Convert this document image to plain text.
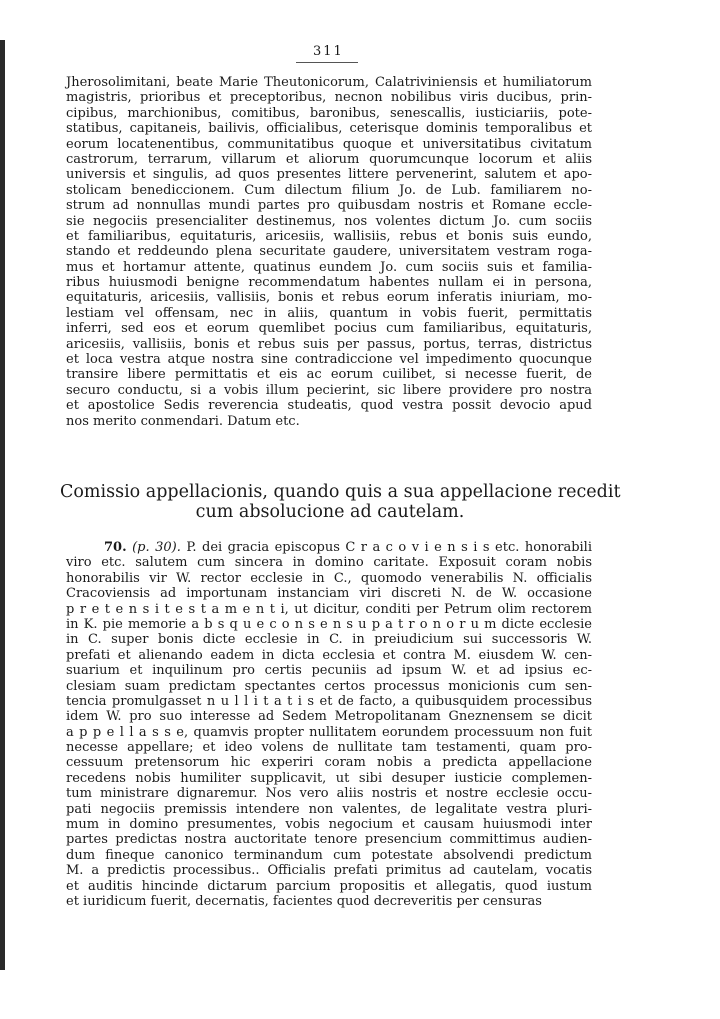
311

Jherosolimitani, beate Marie Theutonicorum, Calatriviniensis et humiliatorum
magistris, prioribus et preceptoribus, necnon nobilibus viris ducibus, prin-
cipibus, marchionibus, comitibus, baronibus, senescallis, iusticiariis, pote-
statibus, capitaneis, bailivis, officialibus, ceterisque dominis temporalibus et
eorum locatenentibus, communitatibus quoque et universitatibus civitatum
castrorum, terrarum, villarum et aliorum quorumcunque locorum et aliis
universis et singulis, ad quos presentes littere pervenerint, salutem et apo-
stolicam benediccionem. Cum dilectum filium Jo. de Lub. familiarem no-
strum ad nonnullas mundi partes pro quibusdam nostris et Romane eccle-
sie negociis presencialiter destinemus, nos volentes dictum Jo. cum sociis
et familiaribus, equitaturis, aricesiis, wallisiis, rebus et bonis suis eundo,
stando et reddeundo plena securitate gaudere, universitatem vestram roga-
mus et hortamur attente, quatinus eundem Jo. cum sociis suis et familia-
ribus huiusmodi benigne recommendatum habentes nullam ei in persona,
equitaturis, aricesiis, vallisiis, bonis et rebus eorum inferatis iniuriam, mo-
lestiam vel offensam, nec in aliis, quantum in vobis fuerit, permittatis
inferri, sed eos et eorum quemlibet pocius cum familiaribus, equitaturis,
aricesiis, vallisiis, bonis et rebus suis per passus, portus, terras, districtus
et loca vestra atque nostra sine contradiccione vel impedimento quocunque
transire libere permittatis et eis ac eorum cuilibet, si necesse fuerit, de
securo conductu, si a vobis illum pecierint, sic libere providere pro nostra
et apostolice Sedis reverencia studeatis, quod vestra possit devocio apud
nos merito conmendari. Datum etc.

Comissio appellacionis, quando quis a sua appellacione recedit
cum absolucione ad cautelam.

70. (p. 30). P. dei gracia episcopus C r a c o v i e n s i s etc. honorabili
viro etc. salutem cum sincera in domino caritate. Exposuit coram nobis
honorabilis vir W. rector ecclesie in C., quomodo venerabilis N. officialis
Cracoviensis ad importunam instanciam viri discreti N. de W. occasione
p r e t e n s i t e s t a m e n t i, ut dicitur, conditi per Petrum olim rectorem
in K. pie memorie a b s q u e c o n s e n s u p a t r o n o r u m dicte ecclesie
in C. super bonis dicte ecclesie in C. in preiudicium sui successoris W.
prefati et alienando eadem in dicta ecclesia et contra M. eiusdem W. cen-
suarium et inquilinum pro certis pecuniis ad ipsum W. et ad ipsius ec-
clesiam suam predictam spectantes certos processus monicionis cum sen-
tencia promulgasset n u l l i t a t i s et de facto, a quibusquidem processibus
idem W. pro suo interesse ad Sedem Metropolitanam Gneznensem se dicit
a p p e l l a s s e, quamvis propter nullitatem eorundem processuum non fuit
necesse appellare; et ideo volens de nullitate tam testamenti, quam pro-
cessuum pretensorum hic experiri coram nobis a predicta appellacione
recedens nobis humiliter supplicavit, ut sibi desuper iusticie complemen-
tum ministrare dignaremur. Nos vero aliis nostris et nostre ecclesie occu-
pati negociis premissis intendere non valentes, de legalitate vestra pluri-
mum in domino presumentes, vobis negocium et causam huiusmodi inter
partes predictas nostra auctoritate tenore presencium committimus audien-
dum fineque canonico terminandum cum potestate absolvendi predictum
M. a predictis processibus.. Officialis prefati primitus ad cautelam, vocatis
et auditis hincinde dictarum parcium propositis et allegatis, quod iustum
et iuridicum fuerit, decernatis, facientes quod decreveritis per censuras
